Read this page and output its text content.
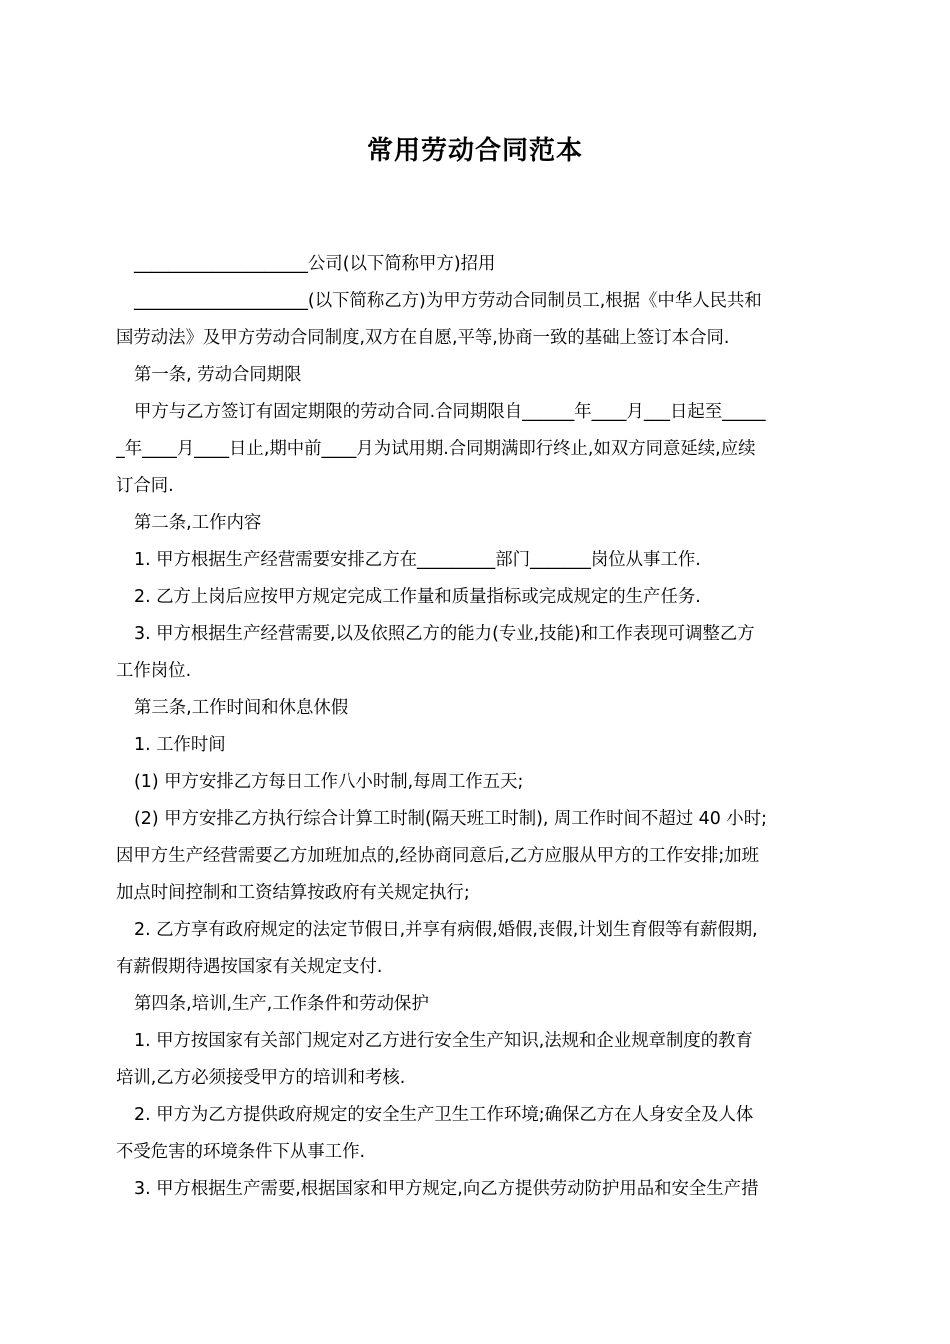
常用劳动合同范本
____________________公司(以下简称甲方)招用
____________________(以下简称乙方)为甲方劳动合同制员工,根据《中华人民共和
国劳动法》及甲方劳动合同制度,双方在自愿,平等,协商一致的基础上签订本合同.
第一条, 劳动合同期限
甲方与乙方签订有固定期限的劳动合同.合同期限自______年____月___日起至_____
_年____月____日止,期中前____月为试用期.合同期满即行终止,如双方同意延续,应续
订合同.
第二条,工作内容
1. 甲方根据生产经营需要安排乙方在_________部门_______岗位从事工作.
2. 乙方上岗后应按甲方规定完成工作量和质量指标或完成规定的生产任务.
3. 甲方根据生产经营需要,以及依照乙方的能力(专业,技能)和工作表现可调整乙方
工作岗位.
第三条,工作时间和休息休假
1. 工作时间
(1) 甲方安排乙方每日工作八小时制,每周工作五天;
(2) 甲方安排乙方执行综合计算工时制(隔天班工时制), 周工作时间不超过 40 小时;
因甲方生产经营需要乙方加班加点的,经协商同意后,乙方应服从甲方的工作安排;加班
加点时间控制和工资结算按政府有关规定执行;
2. 乙方享有政府规定的法定节假日,并享有病假,婚假,丧假,计划生育假等有薪假期,
有薪假期待遇按国家有关规定支付.
第四条,培训,生产,工作条件和劳动保护
1. 甲方按国家有关部门规定对乙方进行安全生产知识,法规和企业规章制度的教育
培训,乙方必须接受甲方的培训和考核.
2. 甲方为乙方提供政府规定的安全生产卫生工作环境;确保乙方在人身安全及人体
不受危害的环境条件下从事工作.
3. 甲方根据生产需要,根据国家和甲方规定,向乙方提供劳动防护用品和安全生产措
